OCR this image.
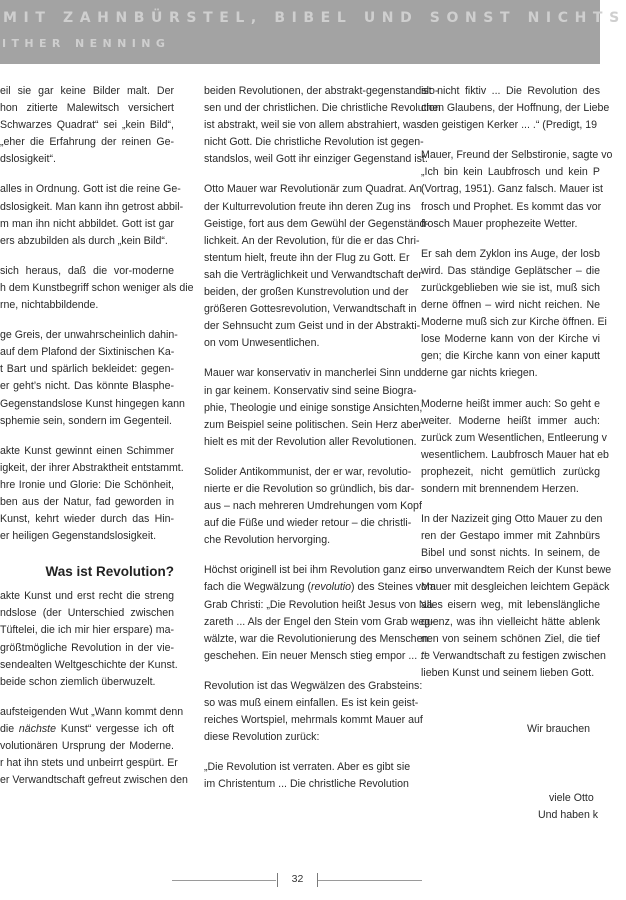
MIT ZAHNBÜRSTEL, BIBEL UND SONST NICHTS
ITHER NENNING
eil sie gar keine Bilder malt. Der
hon zitierte Malewitsch versichert
Schwarzes Quadrat“ sei „kein Bild“,
„eher die Erfahrung der reinen Ge-
dslosigkeit“.
alles in Ordnung. Gott ist die reine Ge-
dslosigkeit. Man kann ihn getrost abbil-
m man ihn nicht abbildet. Gott ist gar
ers abzubilden als durch „kein Bild“.
sich heraus, daß die vor-moderne
h dem Kunstbegriff schon weniger als die
rne, nichtabbildende.
ge Greis, der unwahrscheinlich dahin-
auf dem Plafond der Sixtinischen Ka-
t Bart und spärlich bekleidet: gegen-
er geht’s nicht. Das könnte Blasphe-
Gegenstandslose Kunst hingegen kann
sphemie sein, sondern im Gegenteil.
akte Kunst gewinnt einen Schimmer
igkeit, der ihrer Abstraktheit entstammt.
hre Ironie und Glorie: Die Schönheit,
ben aus der Natur, fad geworden in
Kunst, kehrt wieder durch das Hin-
er heiligen Gegenstandslosigkeit.
Was ist Revolution?
akte Kunst und erst recht die streng
ndslose (der Unterschied zwischen
Tüftelei, die ich mir hier erspare) ma-
größtmögliche Revolution in der vie-
sendealten Weltgeschichte der Kunst.
beide schon ziemlich überwuzelt.
aufsteigenden Wut „Wann kommt denn
die nächste Kunst“ vergesse ich oft
volutionären Ursprung der Moderne.
r hat ihn stets und unbeirrt gespürt. Er
er Verwandtschaft gefreut zwischen den
beiden Revolutionen, der abstrakt-gegenstandslo-
sen und der christlichen. Die christliche Revolution
ist abstrakt, weil sie von allem abstrahiert, was
nicht Gott. Die christliche Revolution ist gegen-
standslos, weil Gott ihr einziger Gegenstand ist.
Otto Mauer war Revolutionär zum Quadrat. An
der Kulturrevolution freute ihn deren Zug ins
Geistige, fort aus dem Gewühl der Gegenständ-
lichkeit. An der Revolution, für die er das Chri-
stentum hielt, freute ihn der Flug zu Gott. Er
sah die Verträglichkeit und Verwandtschaft der
beiden, der großen Kunstrevolution und der
größeren Gottesrevolution, Verwandtschaft in
der Sehnsucht zum Geist und in der Abstrakti-
on vom Unwesentlichen.
Mauer war konservativ in mancherlei Sinn und
in gar keinem. Konservativ sind seine Biogra-
phie, Theologie und einige sonstige Ansichten,
zum Beispiel seine politischen. Sein Herz aber
hielt es mit der Revolution aller Revolutionen.
Solider Antikommunist, der er war, revolutio-
nierte er die Revolution so gründlich, bis dar-
aus – nach mehreren Umdrehungen vom Kopf
auf die Füße und wieder retour – die christli-
che Revolution hervorging.
Höchst originell ist bei ihm Revolution ganz ein-
fach die Wegwälzung (revolutio) des Steines vom
Grab Christi: „Die Revolution heißt Jesus von Na-
zareth ... Als der Engel den Stein vom Grab weg-
wälzte, war die Revolutionierung des Menschen
geschehen. Ein neuer Mensch stieg empor ... .“
Revolution ist das Wegwälzen des Grabsteins:
so was muß einem einfallen. Es ist kein geist-
reiches Wortspiel, mehrmals kommt Mauer auf
diese Revolution zurück:
„Die Revolution ist verraten. Aber es gibt sie
im Christentum ... Die christliche Revolution
ist nicht fiktiv ... Die Revolution des
chen Glaubens, der Hoffnung, der Liebe
den geistigen Kerker ... .“ (Predigt, 19
Mauer, Freund der Selbstironie, sagte vo
„Ich bin kein Laubfrosch und kein P
(Vortrag, 1951). Ganz falsch. Mauer ist
frosch und Prophet. Es kommt das vor
frosch Mauer prophezeite Wetter.
Er sah dem Zyklon ins Auge, der losb
wird. Das ständige Geplätscher – die
zurückgeblieben wie sie ist, muß sich
derne öffnen – wird nicht reichen. Ne
Moderne muß sich zur Kirche öffnen. Ei
lose Moderne kann von der Kirche vi
gen; die Kirche kann von einer kaputt
derne gar nichts kriegen.
Moderne heißt immer auch: So geht e
weiter. Moderne heißt immer auch:
zurück zum Wesentlichen, Entleerung v
wesentlichem. Laubfrosch Mauer hat eb
prophezeit, nicht gemütlich zurückg
sondern mit brennendem Herzen.
In der Nazizeit ging Otto Mauer zu den
ren der Gestapo immer mit Zahnbürs
Bibel und sonst nichts. In seinem, de
so unverwandtem Reich der Kunst bewe
Mauer mit desgleichen leichtem Gepäck
alles eisern weg, mit lebenslängliche
quenz, was ihn vielleicht hätte ablenk
nen von seinem schönen Ziel, die tief
te Verwandtschaft zu festigen zwischen
lieben Kunst und seinem lieben Gott.
Wir brauchen
viele Otto
Und haben k
32
